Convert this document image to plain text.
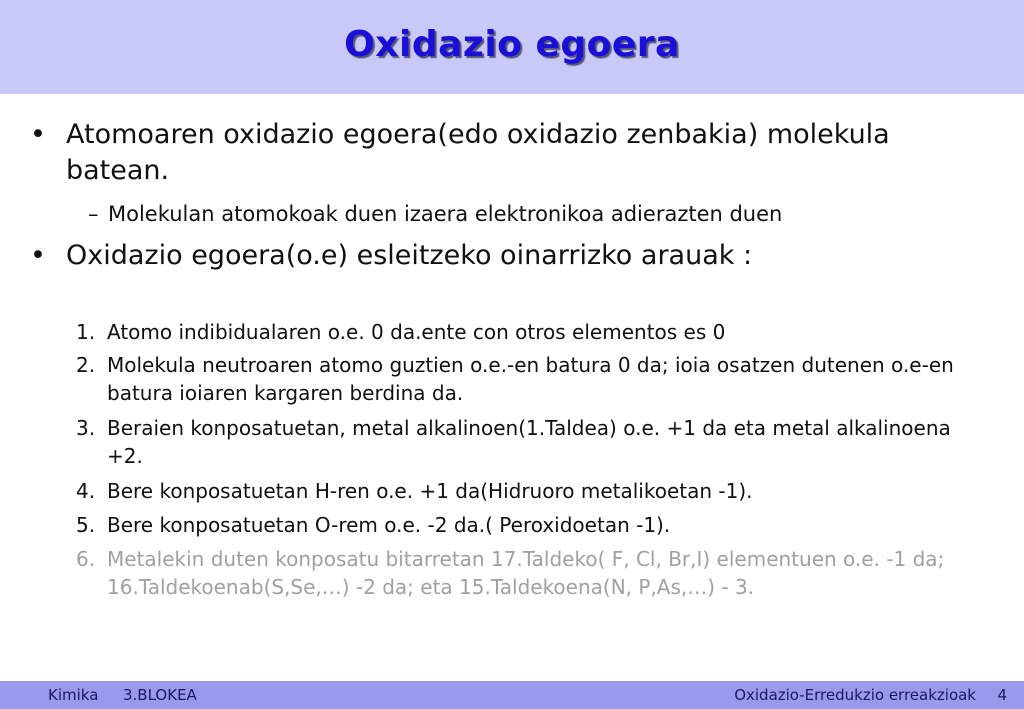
Oxidazio egoera
• Atomoaren oxidazio egoera(edo oxidazio zenbakia) molekula batean.
– Molekulan atomokoak duen izaera elektronikoa adierazten duen
• Oxidazio egoera(o.e) esleitzeko oinarrizko arauak :
1. Atomo indibidualaren o.e. 0 da.ente con otros elementos es 0
2. Molekula neutroaren atomo guztien o.e.-en batura 0 da; ioia osatzen dutenen o.e-en batura ioiaren kargaren berdina da.
3. Beraien konposatuetan, metal alkalinoen(1.Taldea) o.e. +1 da eta metal alkalinoena +2.
4. Bere konposatuetan H-ren o.e. +1 da(Hidruoro metalikoetan -1).
5. Bere konposatuetan O-rem o.e. -2 da.( Peroxidoetan -1).
6. Metalekin duten konposatu bitarretan 17.Taldeko( F, Cl, Br,I) elementuen o.e. -1 da; 16.Taldekoenab(S,Se,…) -2 da; eta 15.Taldekoena(N, P,As,…) - 3.
Kimika 3.BLOKEA	Oxidazio-Erredukzio erreakzioak 4
